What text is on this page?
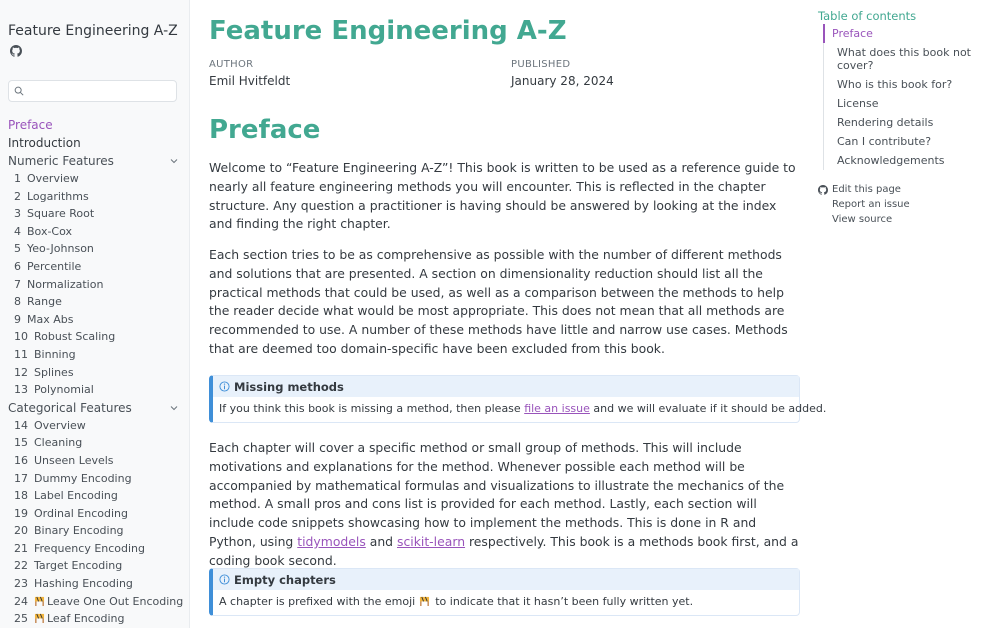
Feature Engineering A-Z
Preface
Introduction
Numeric Features
1 Overview
2 Logarithms
3 Square Root
4 Box-Cox
5 Yeo-Johnson
6 Percentile
7 Normalization
8 Range
9 Max Abs
10 Robust Scaling
11 Binning
12 Splines
13 Polynomial
Categorical Features
14 Overview
15 Cleaning
16 Unseen Levels
17 Dummy Encoding
18 Label Encoding
19 Ordinal Encoding
20 Binary Encoding
21 Frequency Encoding
22 Target Encoding
23 Hashing Encoding
24 Leave One Out Encoding
25 Leaf Encoding
Feature Engineering A-Z
AUTHOR
Emil Hvitfeldt
PUBLISHED
January 28, 2024
Preface

Welcome to “Feature Engineering A-Z”! This book is written to be used as a reference guide to nearly all feature engineering methods you will encounter. This is reflected in the chapter structure. Any question a practitioner is having should be answered by looking at the index and finding the right chapter.

Each section tries to be as comprehensive as possible with the number of different methods and solutions that are presented. A section on dimensionality reduction should list all the practical methods that could be used, as well as a comparison between the methods to help the reader decide what would be most appropriate. This does not mean that all methods are recommended to use. A number of these methods have little and narrow use cases. Methods that are deemed too domain-specific have been excluded from this book.

Missing methods
If you think this book is missing a method, then please file an issue and we will evaluate if it should be added.

Each chapter will cover a specific method or small group of methods. This will include motivations and explanations for the method. Whenever possible each method will be accompanied by mathematical formulas and visualizations to illustrate the mechanics of the method. A small pros and cons list is provided for each method. Lastly, each section will include code snippets showcasing how to implement the methods. This is done in R and Python, using tidymodels and scikit-learn respectively. This book is a methods book first, and a coding book second.

Empty chapters
A chapter is prefixed with the emoji  to indicate that it hasn’t been fully written yet.
Table of contents
Preface
What does this book not cover?
Who is this book for?
License
Rendering details
Can I contribute?
Acknowledgements
Edit this page
Report an issue
View source
